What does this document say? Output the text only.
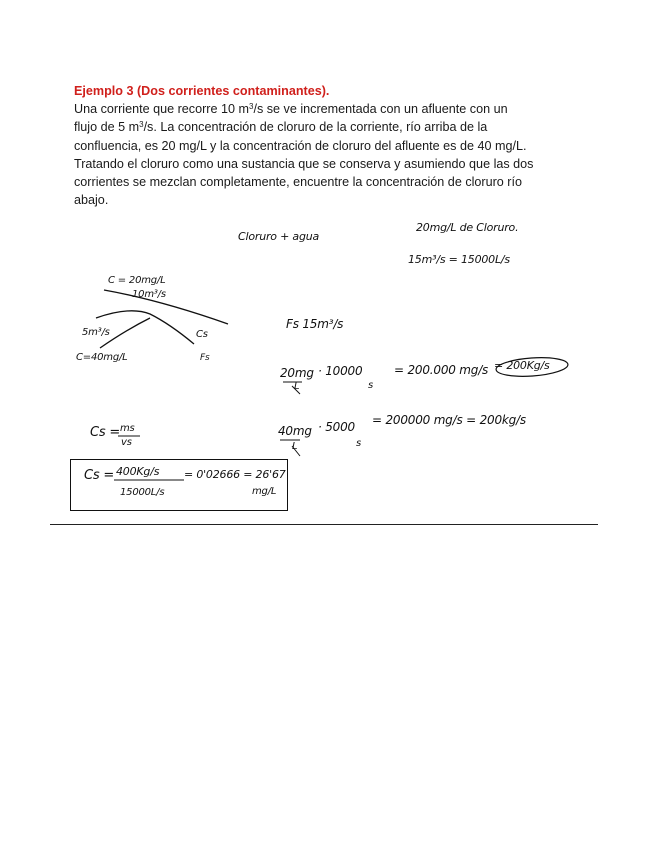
Ejemplo 3 (Dos corrientes contaminantes).
Una corriente que recorre 10 $m^3/s$ se ve incrementada con un afluente con un
flujo de 5 $m^3/s$. La concentración de cloruro de la corriente, río arriba de la
confluencia, es 20 mg/L y la concentración de cloruro del afluente es de 40 mg/L.
Tratando el cloruro como una sustancia que se conserva y asumiendo que las dos
corrientes se mezclan completamente, encuentre la concentración de cloruro río
abajo.
Cloruro + agua
20mg/L de Cloruro.
15m³/s = 15000L/s
C = 20mg/L
10m³/s
5m³/s
C=40mg/L
Cs
Fs
Fs 15m³/s
20mg
L
· 10000
s
= 200.000 mg/s = 200Kg/s
40mg
L
· 5000
s
= 200000 mg/s = 200kg/s
Cs = ms
vs
Cs = 400Kg/s
15000L/s
= 0'02666 = 26'67
mg/L
